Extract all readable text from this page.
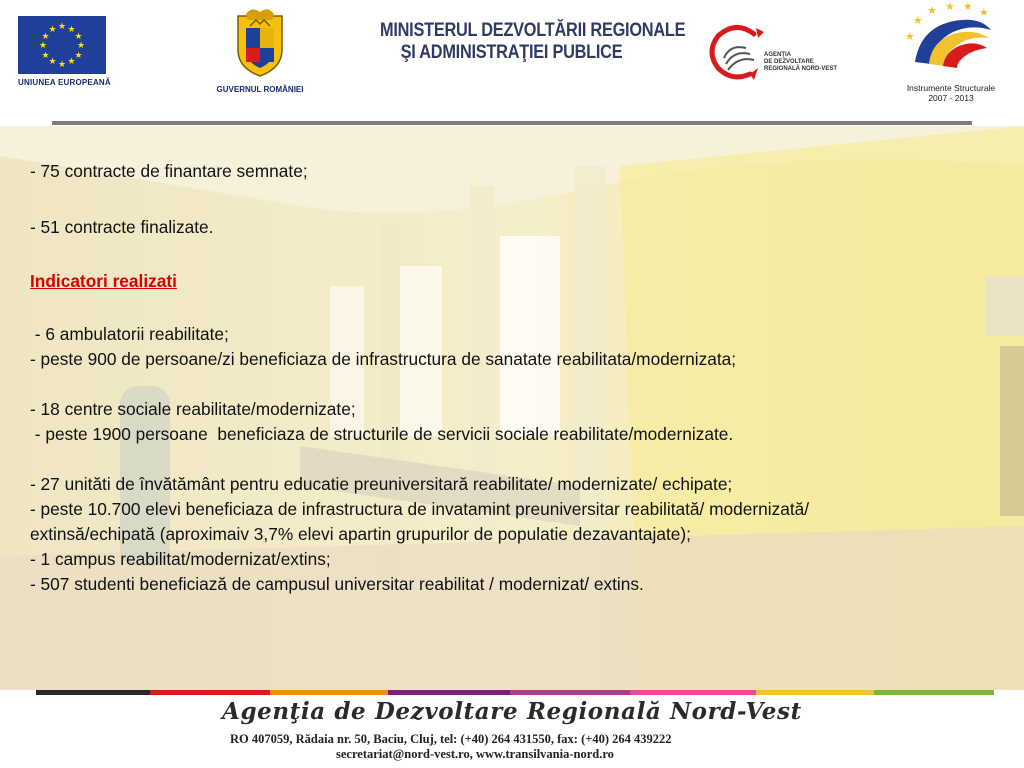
★ ★
★
★
★
★
★
★
★
★
★
★
UNIUNEA EUROPEANĂ
GUVERNUL ROMÂNIEI
MINISTERUL DEZVOLTĂRII REGIONALE
ŞI ADMINISTRAŢIEI PUBLICE	AGENŢIA
DE DEZVOLTARE
REGIONALĂ NORD-VEST
★
★ ★ ★ ★
★
Instrumente Structurale
2007 - 2013
- 75 contracte de finantare semnate;
- 51 contracte finalizate.
Indicatori realizati
- 6 ambulatorii reabilitate;
- peste 900 de persoane/zi beneficiaza de infrastructura de sanatate reabilitata/modernizata;
- 18 centre sociale reabilitate/modernizate;
- peste 1900 persoane  beneficiaza de structurile de servicii sociale reabilitate/modernizate.
- 27 unităti de învătământ pentru educatie preuniversitară reabilitate/ modernizate/ echipate;
- peste 10.700 elevi beneficiaza de infrastructura de invatamint preuniversitar reabilitată/ modernizată/ extinsă/echipată (aproximaiv 3,7% elevi apartin grupurilor de populatie dezavantajate);
- 1 campus reabilitat/modernizat/extins;
- 507 studenti beneficiază de campusul universitar reabilitat / modernizat/ extins.
Agenţia de Dezvoltare Regională Nord-Vest
RO 407059, Rădaia nr. 50, Baciu, Cluj, tel: (+40) 264 431550, fax: (+40) 264 439222
secretariat@nord-vest.ro, www.transilvania-nord.ro
